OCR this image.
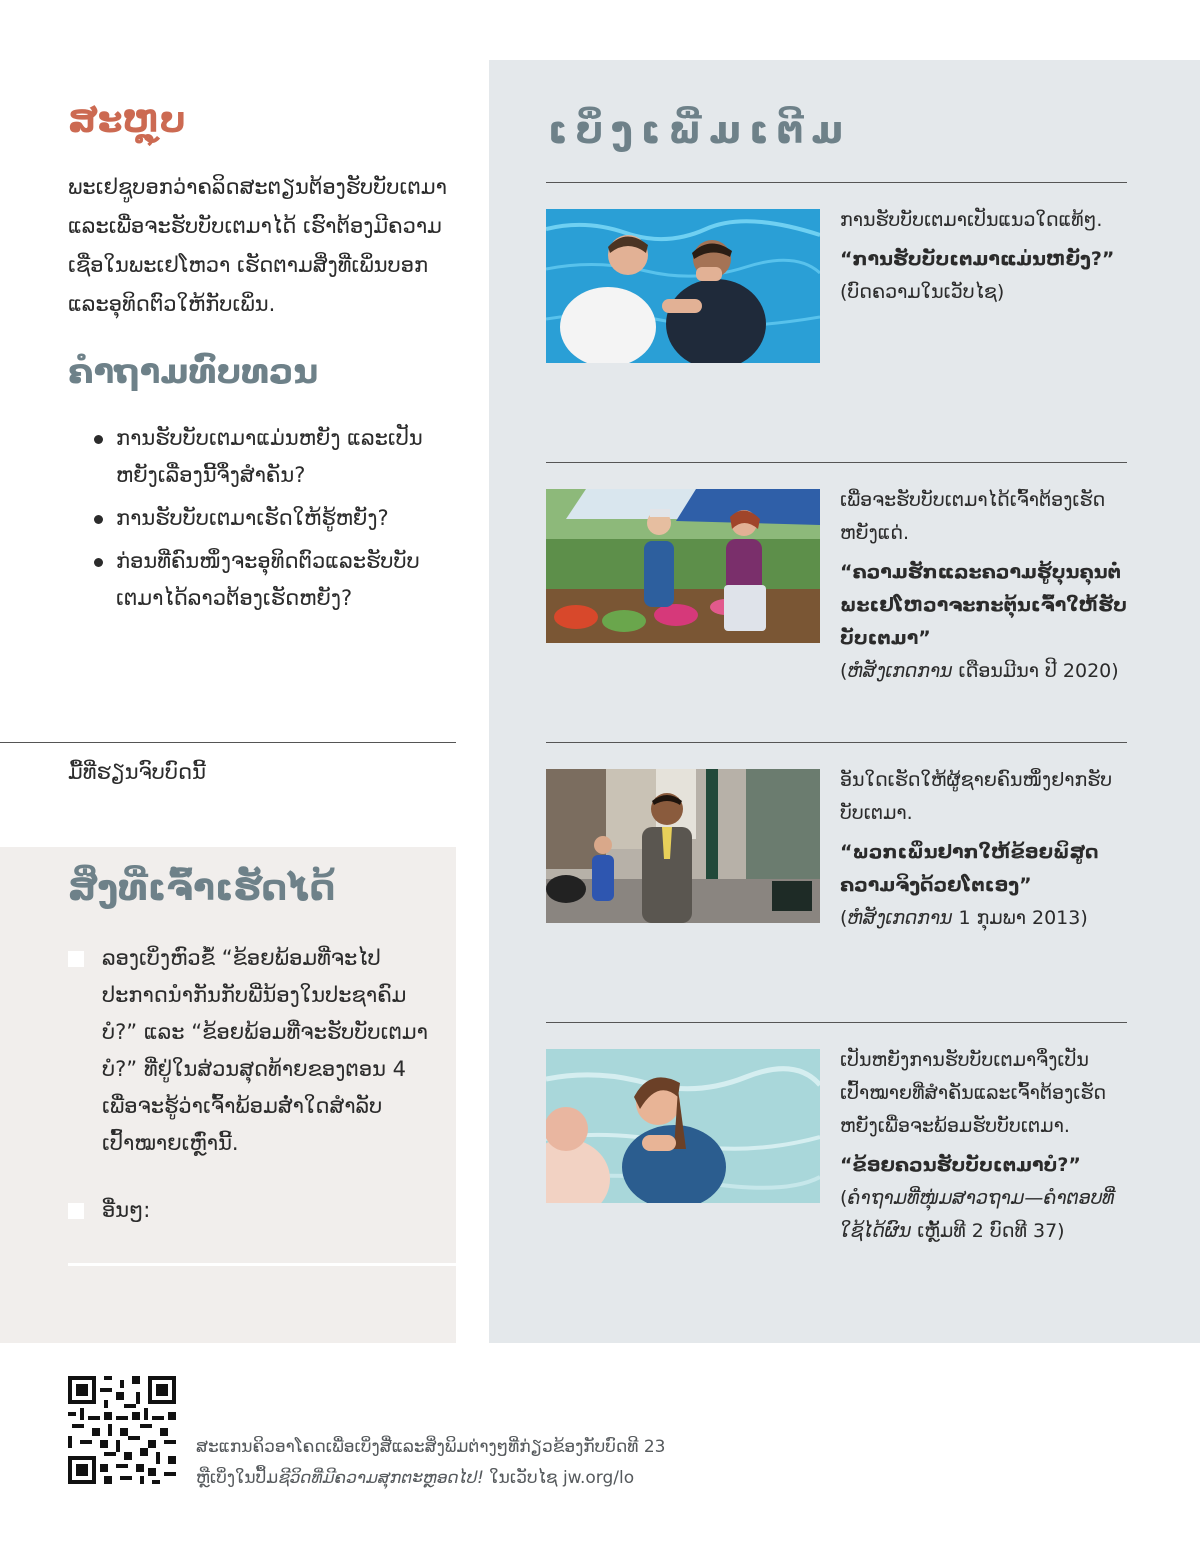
ສະຫຼຸບ

ພະເຢຊູບອກວ່າຄລິດສະຕຽນຕ້ອງຮັບບັບເຕມາ ແລະເພື່ອຈະຮັບບັບເຕມາໄດ້ ເຮົາຕ້ອງມີຄວາມເຊື່ອໃນພະເຢໂຫວາ ເຮັດຕາມສິ່ງທີ່ເພິ່ນບອກ ແລະອຸທິດຕົວໃຫ້ກັບເພິ່ນ.

ຄຳຖາມທົບທວນ
ການຮັບບັບເຕມາແມ່ນຫຍັງ ແລະເປັນຫຍັງເລື່ອງນີ້ຈຶ່ງສຳຄັນ?
ການຮັບບັບເຕມາເຮັດໃຫ້ຮູ້ຫຍັງ?
ກ່ອນທີ່ຄົນໜຶ່ງຈະອຸທິດຕົວແລະຮັບບັບເຕມາໄດ້ລາວຕ້ອງເຮັດຫຍັງ?
ມື້ທີ່ຮຽນຈົບບົດນີ້
ສິ່ງທີ່ເຈົ້າເຮັດໄດ້
ລອງເບິ່ງຫົວຂໍ້ “ຂ້ອຍພ້ອມທີ່ຈະໄປປະກາດນຳກັນກັບພີ່ນ້ອງໃນປະຊາຄົມບໍ?” ແລະ “ຂ້ອຍພ້ອມທີ່ຈະຮັບບັບເຕມາບໍ?” ທີ່ຢູ່ໃນສ່ວນສຸດທ້າຍຂອງຕອນ 4 ເພື່ອຈະຮູ້ວ່າເຈົ້າພ້ອມສ່ຳໃດສຳລັບເປົ້າໝາຍເຫຼົ່ານີ້.
ອື່ນໆ:
ເບິ່ງເພີ່ມເຕີມ
ການຮັບບັບເຕມາເປັນແນວໃດແທ້ໆ.
“ການຮັບບັບເຕມາແມ່ນຫຍັງ?”
(ບົດຄວາມໃນເວັບໄຊ)
ເພື່ອຈະຮັບບັບເຕມາໄດ້ເຈົ້າຕ້ອງເຮັດຫຍັງແດ່.
“ຄວາມຮັກແລະຄວາມຮູ້ບຸນຄຸນຕໍ່ພະເຢໂຫວາຈະກະຕຸ້ນເຈົ້າໃຫ້ຮັບບັບເຕມາ”
(ຫໍສັງເກດການ ເດືອນມີນາ ປີ 2020)
ອັນໃດເຮັດໃຫ້ຜູ້ຊາຍຄົນໜຶ່ງຢາກຮັບບັບເຕມາ.
“ພວກເພິ່ນຢາກໃຫ້ຂ້ອຍພິສູດຄວາມຈິງດ້ວຍໂຕເອງ”
(ຫໍສັງເກດການ 1 ກຸມພາ 2013)
ເປັນຫຍັງການຮັບບັບເຕມາຈຶ່ງເປັນເປົ້າໝາຍທີ່ສຳຄັນແລະເຈົ້າຕ້ອງເຮັດຫຍັງເພື່ອຈະພ້ອມຮັບບັບເຕມາ.
“ຂ້ອຍຄວນຮັບບັບເຕມາບໍ?”
(ຄຳຖາມທີ່ໜຸ່ມສາວຖາມ—ຄຳຕອບທີ່ໃຊ້ໄດ້ຜົນ ເຫຼັ້ມທີ 2 ບົດທີ 37)
ສະແກນຄິວອາໂຄດເພື່ອເບິ່ງສື່ແລະສິ່ງພິມຕ່າງໆທີ່ກ່ຽວຂ້ອງກັບບົດທີ 23
ຫຼືເບິ່ງໃນປຶ້ມຊີວິດທີ່ມີຄວາມສຸກຕະຫຼອດໄປ! ໃນເວັບໄຊ jw.org/lo
